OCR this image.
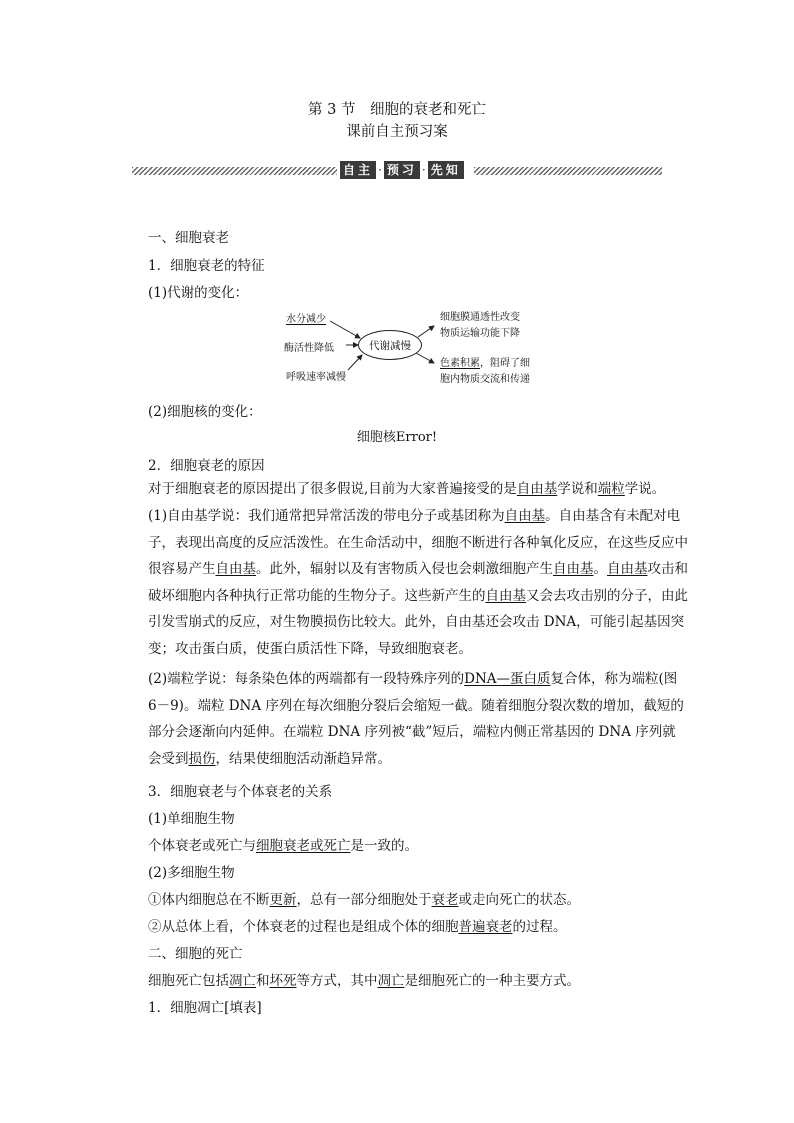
第 3 节　细胞的衰老和死亡
课前自主预习案
自主 · 预习 · 先知
一、细胞衰老
1．细胞衰老的特征
(1)代谢的变化：
水分减少
酶活性降低
呼吸速率减慢
代谢减慢
细胞膜通透性改变
物质运输功能下降
色素积累，阻碍了细
胞内物质交流和传递
(2)细胞核的变化：
细胞核Error!
2．细胞衰老的原因
对于细胞衰老的原因提出了很多假说,目前为大家普遍接受的是自由基学说和端粒学说。
(1)自由基学说：我们通常把异常活泼的带电分子或基团称为自由基。自由基含有未配对电子，表现出高度的反应活泼性。在生命活动中，细胞不断进行各种氧化反应，在这些反应中很容易产生自由基。此外，辐射以及有害物质入侵也会刺激细胞产生自由基。自由基攻击和破坏细胞内各种执行正常功能的生物分子。这些新产生的自由基又会去攻击别的分子，由此引发雪崩式的反应，对生物膜损伤比较大。此外，自由基还会攻击 DNA，可能引起基因突变；攻击蛋白质，使蛋白质活性下降，导致细胞衰老。
(2)端粒学说：每条染色体的两端都有一段特殊序列的DNA—蛋白质复合体，称为端粒(图 6－9)。端粒 DNA 序列在每次细胞分裂后会缩短一截。随着细胞分裂次数的增加，截短的部分会逐渐向内延伸。在端粒 DNA 序列被“截”短后，端粒内侧正常基因的 DNA 序列就会受到损伤，结果使细胞活动渐趋异常。
3．细胞衰老与个体衰老的关系
(1)单细胞生物
个体衰老或死亡与细胞衰老或死亡是一致的。
(2)多细胞生物
①体内细胞总在不断更新，总有一部分细胞处于衰老或走向死亡的状态。
②从总体上看，个体衰老的过程也是组成个体的细胞普遍衰老的过程。
二、细胞的死亡
细胞死亡包括凋亡和坏死等方式，其中凋亡是细胞死亡的一种主要方式。
1．细胞凋亡[填表]
